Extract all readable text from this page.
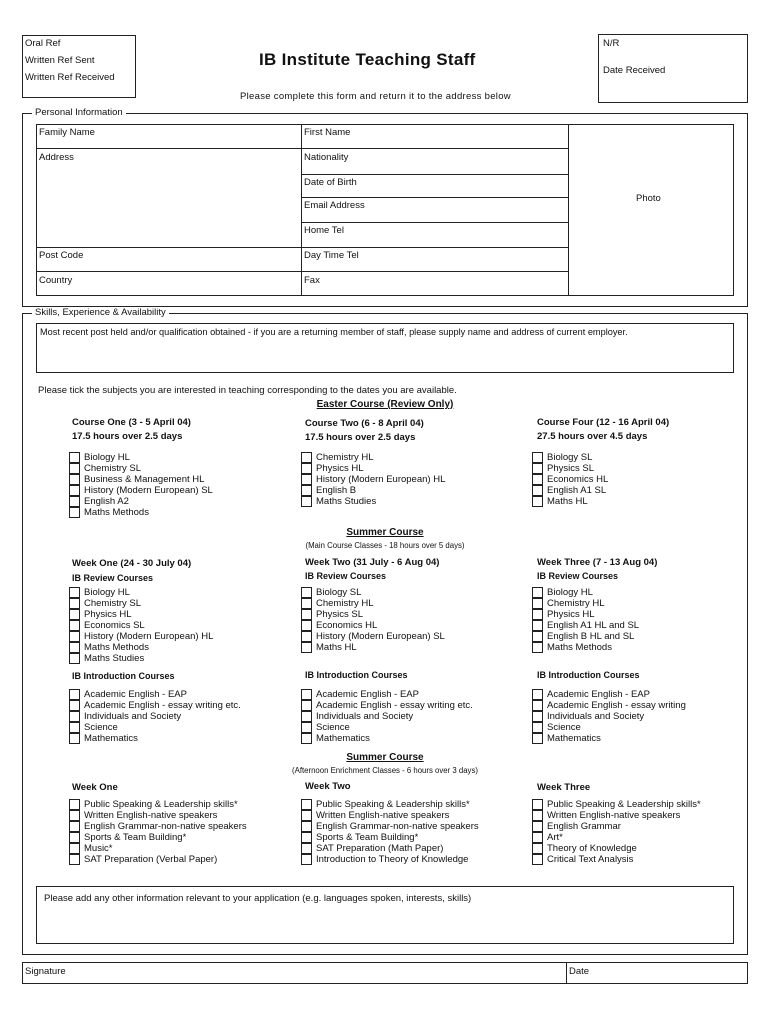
Oral Ref
Written Ref Sent
Written Ref Received
IB Institute Teaching Staff
Please complete this form and return it to the address below
N/R
Date Received
Personal Information
Family Name	First Name
Address	Nationality
Date of Birth
Email Address
Home Tel
Post Code	Day Time Tel
Country	Fax
Photo
Skills, Experience & Availability
Most recent post held and/or qualification obtained - if you are a returning member of staff, please supply name and address of current employer.
Please tick the subjects you are interested in teaching corresponding to the dates you are available.
Easter Course (Review Only)
Course One (3 - 5 April 04)
17.5 hours over 2.5 days
Biology HL
Chemistry SL
Business & Management HL
History (Modern European) SL
English A2
Maths Methods
Course Two (6 - 8 April 04)
17.5 hours over 2.5 days
Chemistry HL
Physics HL
History (Modern European) HL
English B
Maths Studies
Course Four (12 - 16 April 04)
27.5 hours over 4.5 days
Biology SL
Physics SL
Economics HL
English A1 SL
Maths HL
Summer Course
(Main Course Classes - 18 hours over 5 days)
Week One (24 - 30 July 04)
IB Review Courses
Biology HL
Chemistry SL
Physics HL
Economics SL
History (Modern European) HL
Maths Methods
Maths Studies
IB Introduction Courses
Academic English - EAP
Academic English - essay writing etc.
Individuals and Society
Science
Mathematics
Week Two (31 July - 6 Aug 04)
IB Review Courses
Biology SL
Chemistry HL
Physics SL
Economics HL
History (Modern European) SL
Maths HL
IB Introduction Courses
Academic English - EAP
Academic English - essay writing etc.
Individuals and Society
Science
Mathematics
Week Three (7 - 13 Aug 04)
IB Review Courses
Biology HL
Chemistry HL
Physics HL
English A1 HL and SL
English B HL and SL
Maths Methods
IB Introduction Courses
Academic English - EAP
Academic English - essay writing
Individuals and Society
Science
Mathematics
Summer Course
(Afternoon Enrichment Classes - 6 hours over 3 days)
Week One
Public Speaking & Leadership skills*
Written English-native speakers
English Grammar-non-native speakers
Sports & Team Building*
Music*
SAT Preparation (Verbal Paper)
Week Two
Public Speaking & Leadership skills*
Written English-native speakers
English Grammar-non-native speakers
Sports & Team Building*
SAT Preparation (Math Paper)
Introduction to Theory of Knowledge
Week Three
Public Speaking & Leadership skills*
Written English-native speakers
English Grammar
Art*
Theory of Knowledge
Critical Text Analysis
Please add any other information relevant to your application (e.g. languages spoken, interests, skills)
Signature	Date
